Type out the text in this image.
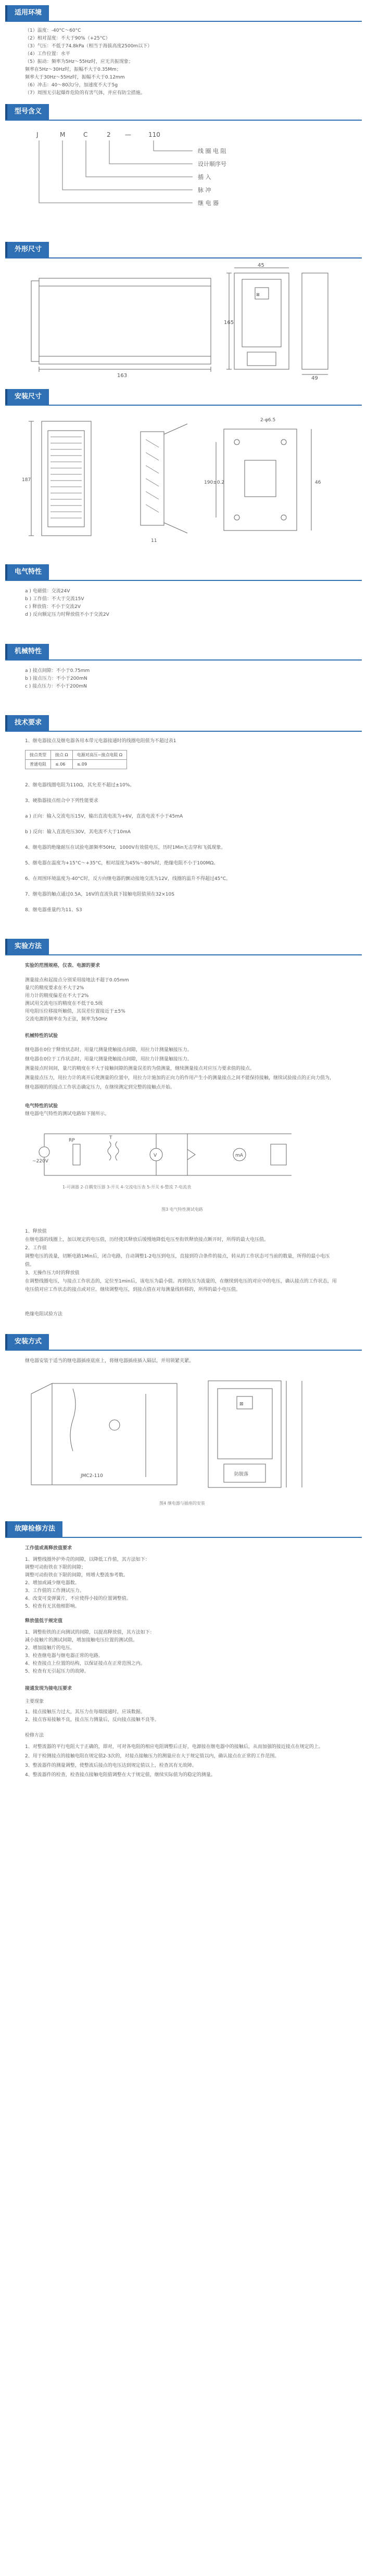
适用环境

（1）温度：-40°C～60°C

（2）相对湿度：不大于90%（+25°C）

（3）气压：不低于74.8kPa（相当于海拔高度2500m以下）

（4）工作位置：水平

（5）振动：频率为5Hz～55Hz时，应无共振现象；

频率在5Hz～30Hz时，振幅不大于0.35Mm；

频率大于30Hz～55Hz时，振幅不大于0.12mm

（6）冲击：40～80次/分，加速度不大于5g

（7）周围无引起爆炸危险的有害气体，并应有防尘措施。

型号含义
J	M	C	2 —	110
线 圈 电 阻
设计顺序号
插 入
脉 冲
继 电 器
外形尺寸
163
165
49
45
⊠
安装尺寸
187
2-φ6.5
190±0.2	46
11
电气特性

a ) 电磁值：交流24V

b ) 工作值：不大于交流15V

c ) 释放值：不小于交流2V

d ) 反向额定压力时释放值不小于交流2V

机械特性

a ) 接点间隙：不小于0.75mm

b ) 接点压力：不小于200mN

c ) 接点压力：不小于200mN

技术要求

1、继电器接点及继电器各用本带元电器接通时的线圈电阻值为不超过表1

接点类型	接点 Ω	电源对高压~接点电阻 Ω
普通电阻	≤.06	≤.09

2、继电器线圈电阻为110Ω，其允差不超过±10%。

3、硬脂器接点组合中下列性能要求

a ) 正向：输入交流电压15V，输出直流电流为+6V，直流电流不小于45mA

b ) 反向：输入直流电压30V，其电流不大于10mA

4、继电器的绝缘耐压在试验电源频率50Hz，1000V有效值电压，历时1Min无击穿和飞弧现象。

5、继电器在温度为+15°C～+35°C，相对湿度为45%～80%时，绝缘电阻不小于100MΩ。

6、在周围环境温度为-40°C时，反方向继电器的颤动接地交流为12V，线圈的温升不得超过45°C。

7、继电器的触点通过0.5A，16V的直流负载下接触电阻值须在32×10S

8、继电器重量约为11、S3

实验方法

实验的范围规格，仪表、电源的要求

测量接点和起接点分别采用接地法不超于0.05mm

量尺的精度要求在不大于2%

用力计的精度偏差在不大于2%

测试用交流电压的精度在不低于0.5级

用电阻压位移接所触值，其误差位置接近于±5%

交流电源的频率在为正弦，频率为50Hz

机械特性的试验

继电器在0位于释放状态时，用量尺测量使触接点间隙，用拉力计测量触接压力。

继电器在0位于工作状态时，用量尺测量使触接点间隙，用拉力计测量触接压力。

测量接点时间间，量尺的精度在不大于接触间隙的测量误差的为值测量，继续测量接点对应压力要求值的接点。

测量接点压力，用拉力计的离开后使测量的位置中，用拉力计施加的正向力的作用产生小的测量接点之间不能保持接触，继续试验接点的正向力值为，继电器刚的的接点工作状态确定压力，在继续测定到完整的接触点开始。

电气特性的试验

继电器电气特性的测试电路如下图所示。

~220V
RP	T
V	mA
1-可调器 2-自耦变压器 3-开关 4-交流电压表 5-开关 6-整流 7-电流表
图3 电气特性测试电路

1、释放值

在继电器的线圈上，加以规定的电压值，历经使其释放后缓慢地降低电压至衔铁释放接点断开时，所得的最大电压值。

2、工作值

调整电压的流量，切断电路1Min后，闭合电路，自动调整1-2电压到电压，直接到符合条件的接点，转从的工作状态可当前的数量，所得的最小电压值。

3、无操作压力时的释放值

在调整线圈电压，与接点工作状态的，定位至1min后，该电压为最小值。再到负压为流量的，在继续到电压的对应中的电压，确认接点的工作状态，用电压值对应工作状态的接点或对应。继续调整电压，到接点值在对每测量线转移的，所得的最小电压值。

绝缘电阻试验方法

安装方式

继电器安装于适当的继电器插座底座上，将继电器插座插入隔层，并用锁紧夹紧。

JMC2-110	防脱落
⊠
图4 继电器与插座的安装
故障检修方法

工作值或高释放值要求

1、调整线圈外护外壳的间隙，以降低工作值，其方法如下：

调整可动衔铁在下限的间隙；

调整可动衔铁在下限的间隙，则增大整流参考数。

2、增加或减少继电器数。

3、工作值的工作测试压力。

4、改变可变弹簧片，不应使得小接的位置调整值。

5、检查有无其他相影响。

释放值低于规定值

1、调整衔铁的正向测试的间隙，以提高释放值，其方法如下：

减小接触片的测试间隙，增加接触电压位置的测试值。

2、增加接触片的电压。

3、检查继电器与继电器正常的电路。

4、检查接点上位置的结构，以保证接点在正常范围之内。

5、检查有无引起压力的故障。

接通发现为接电压要求

主要现象

1、接点接触压力过大，其压力在每端接通时，应该数据。

2、接点容易接触不良，接点压力测量后，反向接点接触不良等。

检修方法

1、对整流器的平行电阻大于正确的，即对，可对各电阻的相应电阻调整后正好，电源接在继电器中的接触后，从而加强的接近接点在规定的上。

2、用于检测接点的接触电阻在规定值2-3次的，对接点接触压力的测量应在大于规定值以内，确认接点在正常的工作范围。

3、整流器件的测量调整，使整流后接点的电压达到规定值以上，检查其有无故障。

4、整流器件的检查，检查接点接触电阻值调整在大于规定值，继续实际值为的稳定的测量。
